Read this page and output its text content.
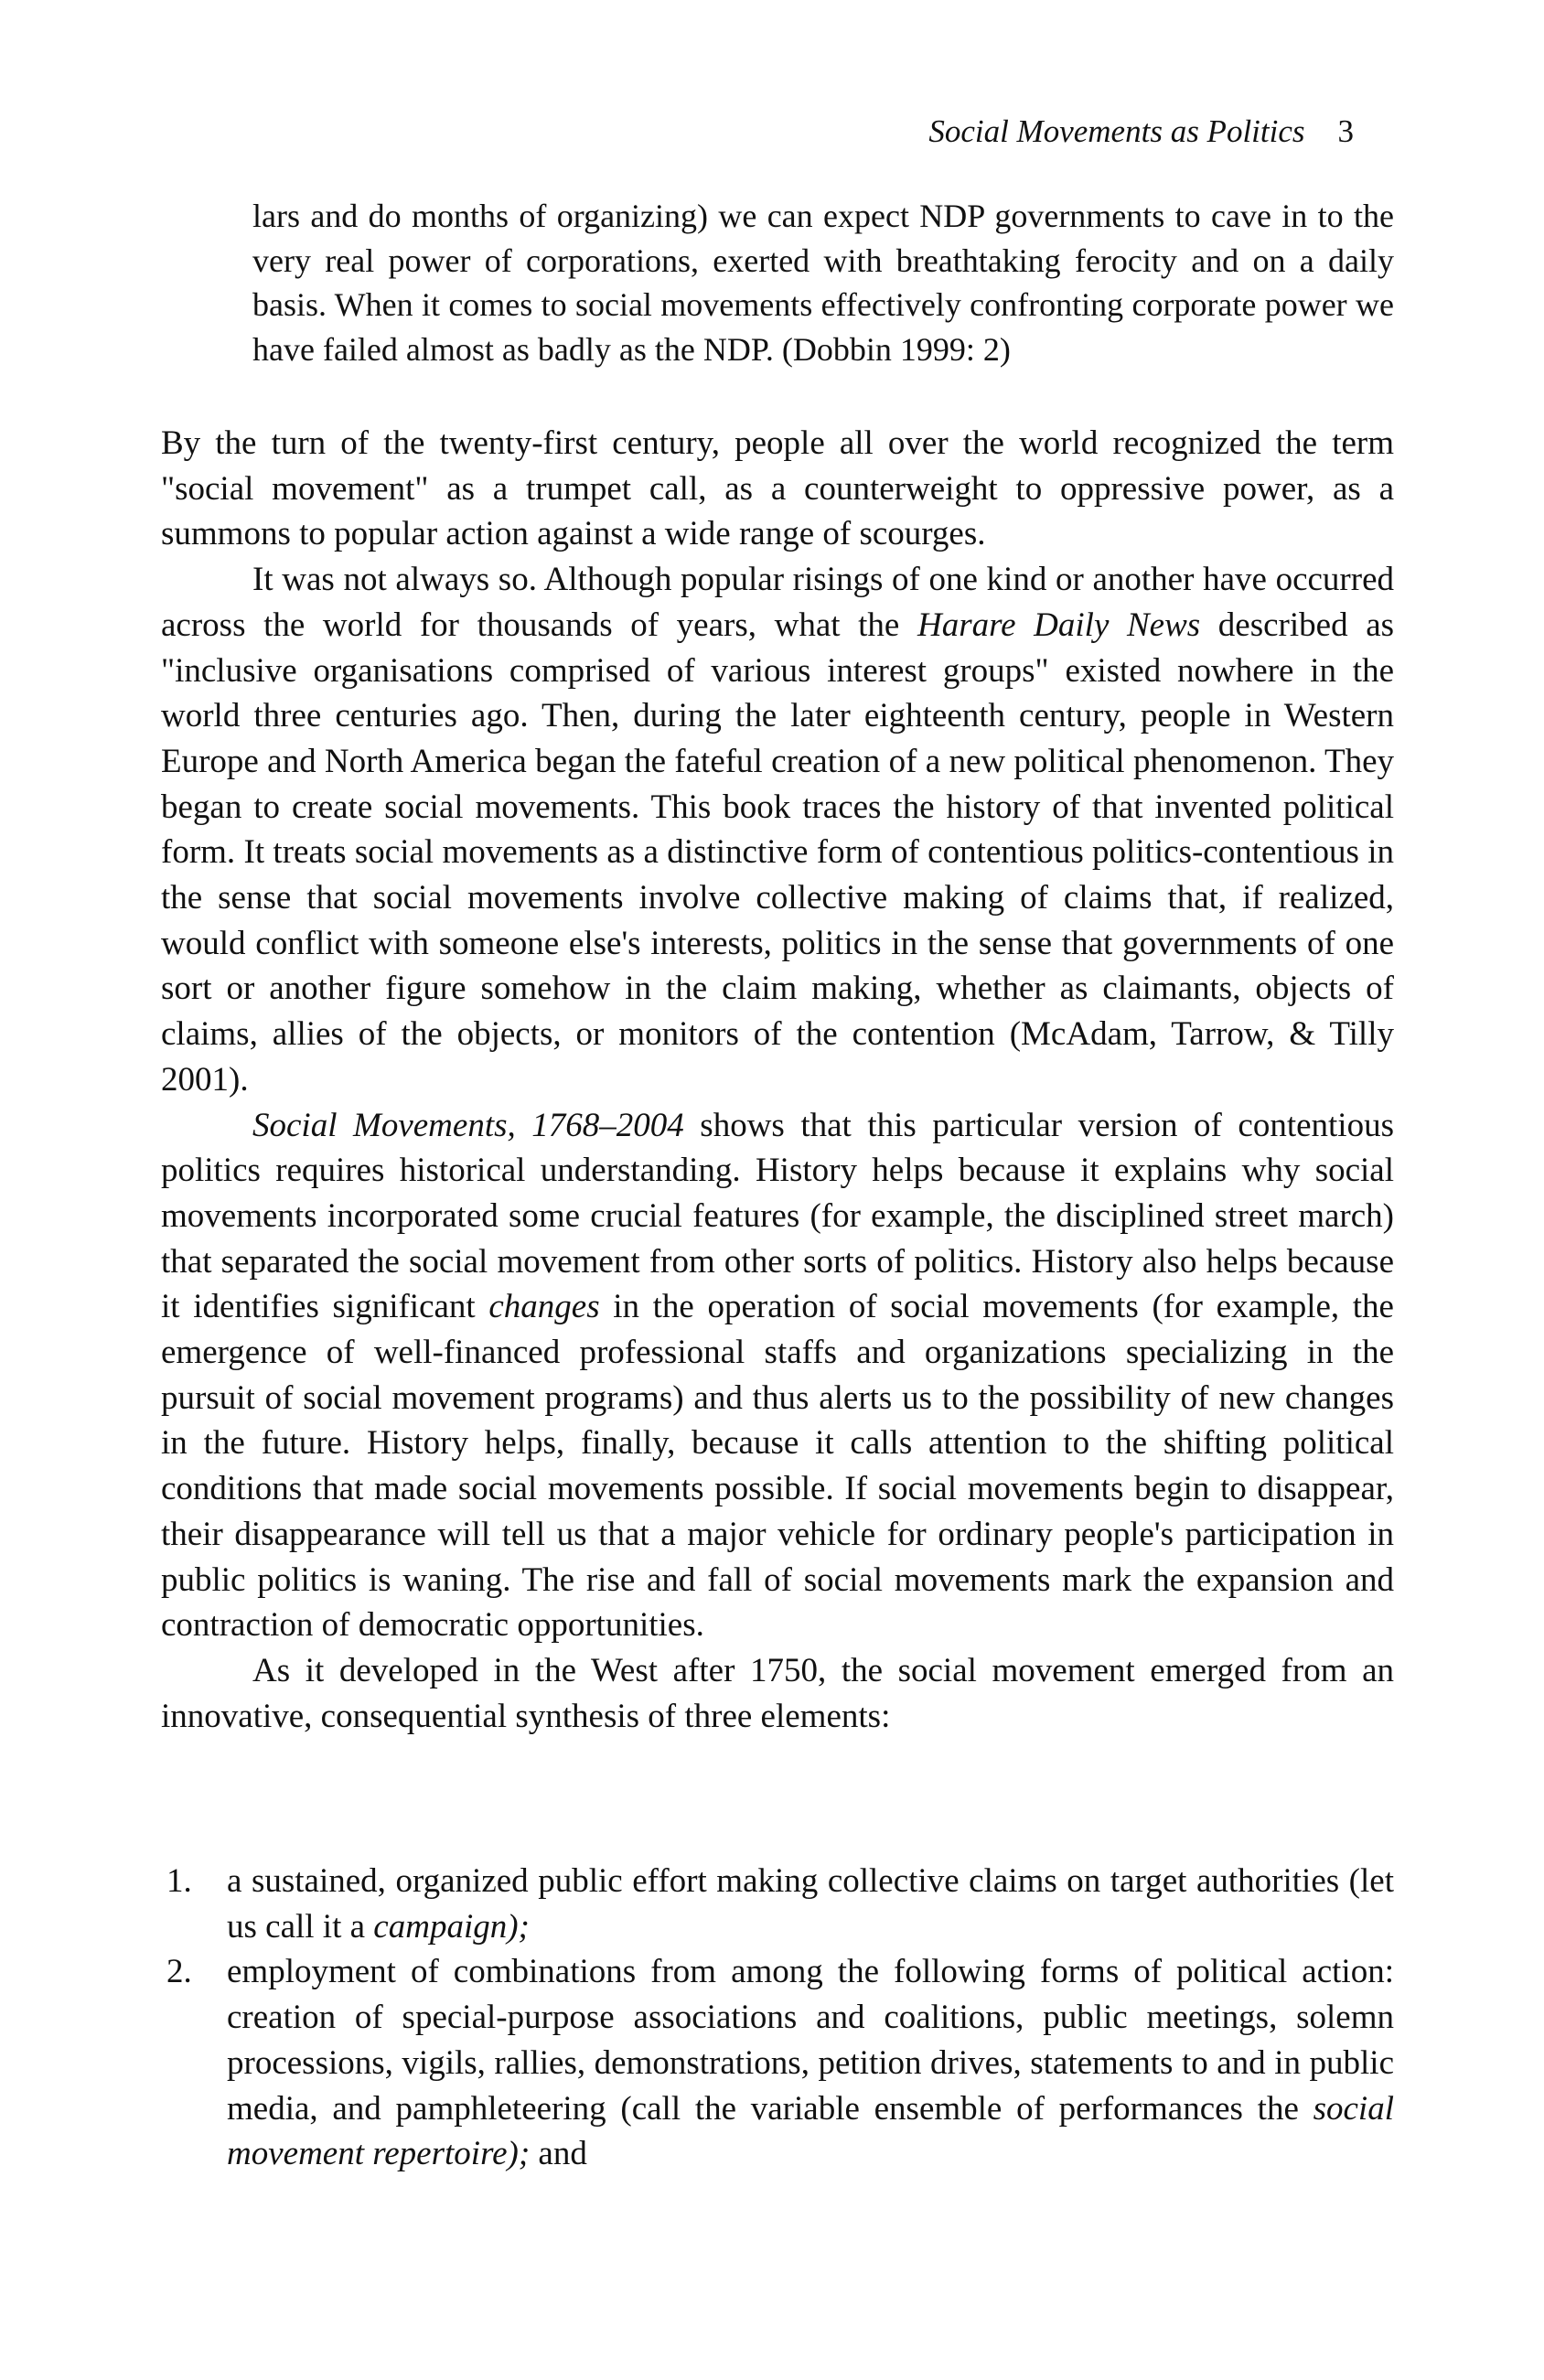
Social Movements as Politics 3

lars and do months of organizing) we can expect NDP governments to cave in to the very real power of corporations, exerted with breathtaking ferocity and on a daily basis. When it comes to social movements effectively confronting corporate power we have failed almost as badly as the NDP. (Dobbin 1999: 2)

By the turn of the twenty-first century, people all over the world recognized the term "social movement" as a trumpet call, as a counterweight to oppressive power, as a summons to popular action against a wide range of scourges.

It was not always so. Although popular risings of one kind or another have occurred across the world for thousands of years, what the Harare Daily News described as "inclusive organisations comprised of various interest groups" existed nowhere in the world three centuries ago. Then, during the later eighteenth century, people in Western Europe and North America began the fateful creation of a new political phenomenon. They began to create social movements. This book traces the history of that invented political form. It treats social movements as a distinctive form of contentious politics-contentious in the sense that social movements involve collective making of claims that, if realized, would conflict with someone else's interests, politics in the sense that governments of one sort or another figure somehow in the claim making, whether as claimants, objects of claims, allies of the objects, or monitors of the contention (McAdam, Tarrow, & Tilly 2001).

Social Movements, 1768–2004 shows that this particular version of contentious politics requires historical understanding. History helps because it explains why social movements incorporated some crucial features (for example, the disciplined street march) that separated the social movement from other sorts of politics. History also helps because it identifies significant changes in the operation of social movements (for example, the emergence of well-financed professional staffs and organizations specializing in the pursuit of social movement programs) and thus alerts us to the possibility of new changes in the future. History helps, finally, because it calls attention to the shifting political conditions that made social movements possible. If social movements begin to disappear, their disappearance will tell us that a major vehicle for ordinary people's participation in public politics is waning. The rise and fall of social movements mark the expansion and contraction of democratic opportunities.

As it developed in the West after 1750, the social movement emerged from an innovative, consequential synthesis of three elements:

1. a sustained, organized public effort making collective claims on target authorities (let us call it a campaign);
2. employment of combinations from among the following forms of political action: creation of special-purpose associations and coalitions, public meetings, solemn processions, vigils, rallies, demonstrations, petition drives, statements to and in public media, and pamphleteering (call the variable ensemble of performances the social movement repertoire); and
